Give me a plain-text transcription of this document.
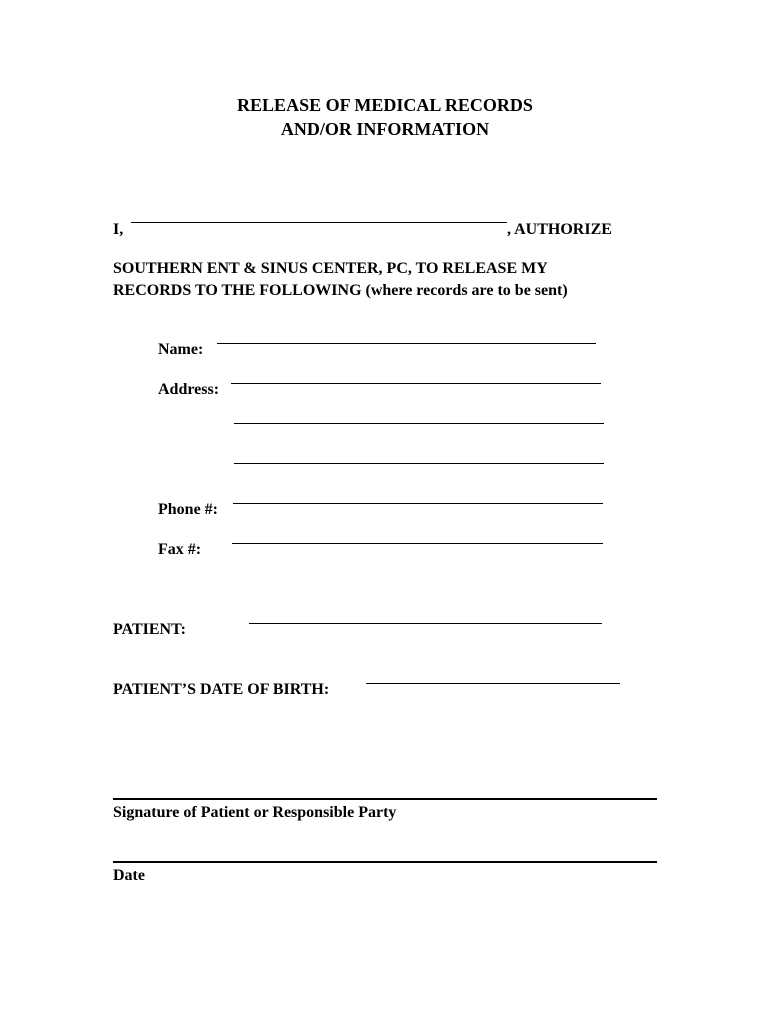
RELEASE OF MEDICAL RECORDS
AND/OR INFORMATION
I,	, AUTHORIZE
SOUTHERN ENT & SINUS CENTER, PC, TO RELEASE MY
RECORDS TO THE FOLLOWING (where records are to be sent)
Name:
Address:
Phone #:
Fax #:
PATIENT:
PATIENT’S DATE OF BIRTH:
Signature of Patient or Responsible Party
Date
